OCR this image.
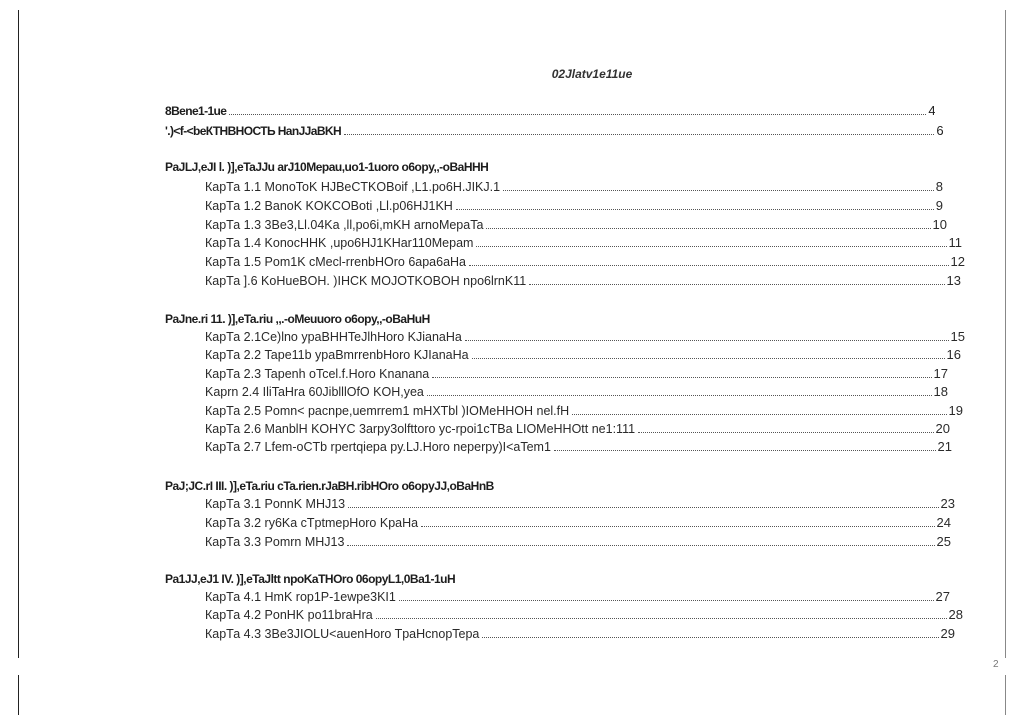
02Jlatv1e11ue
8Bene1-1ue	4
'.)<f-<bеКТНВНОСТЬ НanJJaBKH	6
PaJLJ,eJI l. )],eTaJJu arJ10Mepau,uo1-1uoro o6opy,,-oBaHHH
КарТа 1.1 MonoToK HJBeCTKOBoif ,L1.po6H.JIKJ.1	8
КарТа 1.2 BanoK KOKCOBoti ,Ll.p06HJ1KH	9
КарТа 1.3 3Be3,Ll.04Ka ,ll,po6i,mKH arnoMepaTa	10
КарТа 1.4 KonocHHK ,upo6HJ1KHar110Mepam	11
КарТа 1.5 Pom1K cMecl-rrenbHOro 6apa6aHa	12
КарТа ].6 KoHueBOH. )IHCK MOJOTKOBOH npo6lrnK11	13
PaJne.ri 11. )],eTa.riu ,,.-oMeuuoro o6opy,,-oBaHuH
КарТа 2.1Ce)lno ypaBHHTeJlhHoro KJianaHa	15
КарТа 2.2 Tape11b ypaBmrrenbHoro KJIanaHa	16
КарТа 2.3 Tapenh oTcel.f.Horo Knanana	17
Kaprn 2.4 IliTaHra 60JiblllOfO KOH,yea	18
КарТа 2.5 Pomn< pacnpe,uemrrem1 mHXTbl )IOMeHHOH nel.fH	19
КарТа 2.6 ManblH KOHYC 3arpy3olfttoro yc-rpoi1cTBa LIOMeHHOtt ne1:111	20
КарТа 2.7 Lfem-oCTb rpertqiepa py.LJ.Horo neperpy)I<aTem1	21
PaJ;JC.rI III. )],eTa.riu cTa.rien.rJaBH.ribHOro o6opyJJ,oBaHnB
КарТа 3.1 PonnK MHJ13	23
КарТа 3.2 ry6Ka cTptmepHoro KpaHa	24
КарТа 3.3 Pomrn MHJ13	25
Pa1JJ,eJ1 IV. )],eTaJltt npoKaTHOro 06opyL1,0Ba1-1uH
КарТа 4.1 HmK rop1P-1ewpe3KI1	27
КарТа 4.2 PonHK po11braHra	28
КарТа 4.3 3Be3JIOLU<auenHoro TpaHcnopTepa	29
2
